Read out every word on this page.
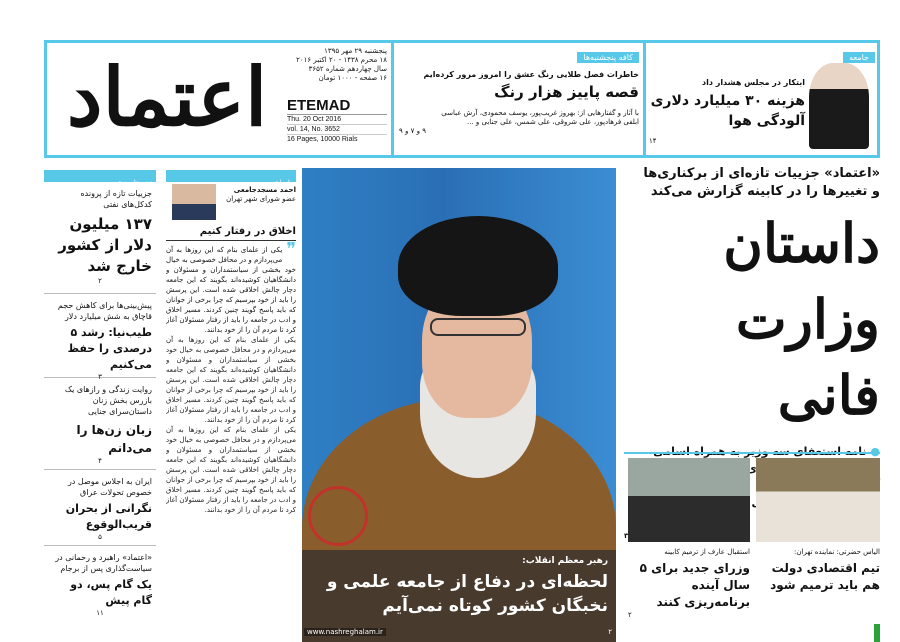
اعتماد	پنجشنبه ۲۹ مهر ۱۳۹۵
۱۸ محرم ۱۴۳۸ - ۲۰ اکتبر ۲۰۱۶
سال چهاردهم شماره ۳۶۵۲
۱۶ صفحه - ۱۰۰۰ تومان
ETEMAD
Thu. 20 Oct 2016
vol. 14, No. 3652
16 Pages, 10000 Rials
کافه پنجشنبه‌ها
خاطرات فصل طلایی رنگ عشق را امروز مرور کرده‌ایم
قصه پاییز هزار رنگ
با آثار و گفتارهایی از: بهروز غریب‌پور، یوسف محمودی، آرش عباسی
ابلفی فرهادپور، علی شروقی، علی شمس، علی جنابی و ...
۹ و ۷ و ۹
جامعه
ابتکار در مجلس هشدار داد
هزینه ۳۰ میلیارد دلاری آلودگی هوا
۱۴
نخبه‌ها رد شود
جزییات تازه از پرونده کدکل‌های نفتی
۱۳۷ میلیون دلار از کشور خارج شد
۲
پیش‌بینی‌ها برای کاهش حجم قاچاق به شش میلیارد دلار
طیب‌نیا: رشد ۵ درصدی را حفظ می‌کنیم
۳
روایت زندگی و رازهای یک بازرس بخش زنان داستان‌سرای جنایی
زبان زن‌ها را می‌دانم
۴
ایران به اجلاس موصل در خصوص تحولات عراق
نگرانی از بحران قریب‌الوقوع
۵
«اعتماد» راهبرد و رحمانی در سیاست‌گذاری پس از برجام
یک گام پس، دو گام پیش
۱۱
یادداشت
احمد مسجدجامعی
عضو شورای شهر تهران
اخلاق در رفتار کنیم
❞
یکی از علمای بنام که این روزها به آن می‌پردازم و در محافل خصوصی به خیال خود بخشی از سیاستمداران و مسئولان و دانشگاهیان کوشیده‌اند بگویند که این جامعه دچار چالش اخلاقی شده است. این پرسش را باید از خود بپرسیم که چرا برخی از جوانان که باید پاسخ گویند چنین کردند. مسیر اخلاق و ادب در جامعه را باید از رفتار مسئولان آغاز کرد تا مردم آن را از خود بدانند.
یکی از علمای بنام که این روزها به آن می‌پردازم و در محافل خصوصی به خیال خود بخشی از سیاستمداران و مسئولان و دانشگاهیان کوشیده‌اند بگویند که این جامعه دچار چالش اخلاقی شده است. این پرسش را باید از خود بپرسیم که چرا برخی از جوانان که باید پاسخ گویند چنین کردند. مسیر اخلاق و ادب در جامعه را باید از رفتار مسئولان آغاز کرد تا مردم آن را از خود بدانند.
یکی از علمای بنام که این روزها به آن می‌پردازم و در محافل خصوصی به خیال خود بخشی از سیاستمداران و مسئولان و دانشگاهیان کوشیده‌اند بگویند که این جامعه دچار چالش اخلاقی شده است. این پرسش را باید از خود بپرسیم که چرا برخی از جوانان که باید پاسخ گویند چنین کردند. مسیر اخلاق و ادب در جامعه را باید از رفتار مسئولان آغاز کرد تا مردم آن را از خود بدانند.
رهبر معظم انقلاب:
لحظه‌ای در دفاع از جامعه علمی و نخبگان کشور کوتاه نمی‌آیم
www.nashreghalam.ir	۲
«اعتماد» جزییات تازه‌ای از برکناری‌ها
و تغییرها را در کابینه گزارش می‌کند
داستان
وزارت فانی
۳
الیاس حضرتی: نماینده تهران:
تیم اقتصادی دولت هم باید ترمیم شود
استقبال عارف از ترمیم کابینه
وزرای جدید برای ۵ سال آینده برنامه‌ریزی کنند
۲
